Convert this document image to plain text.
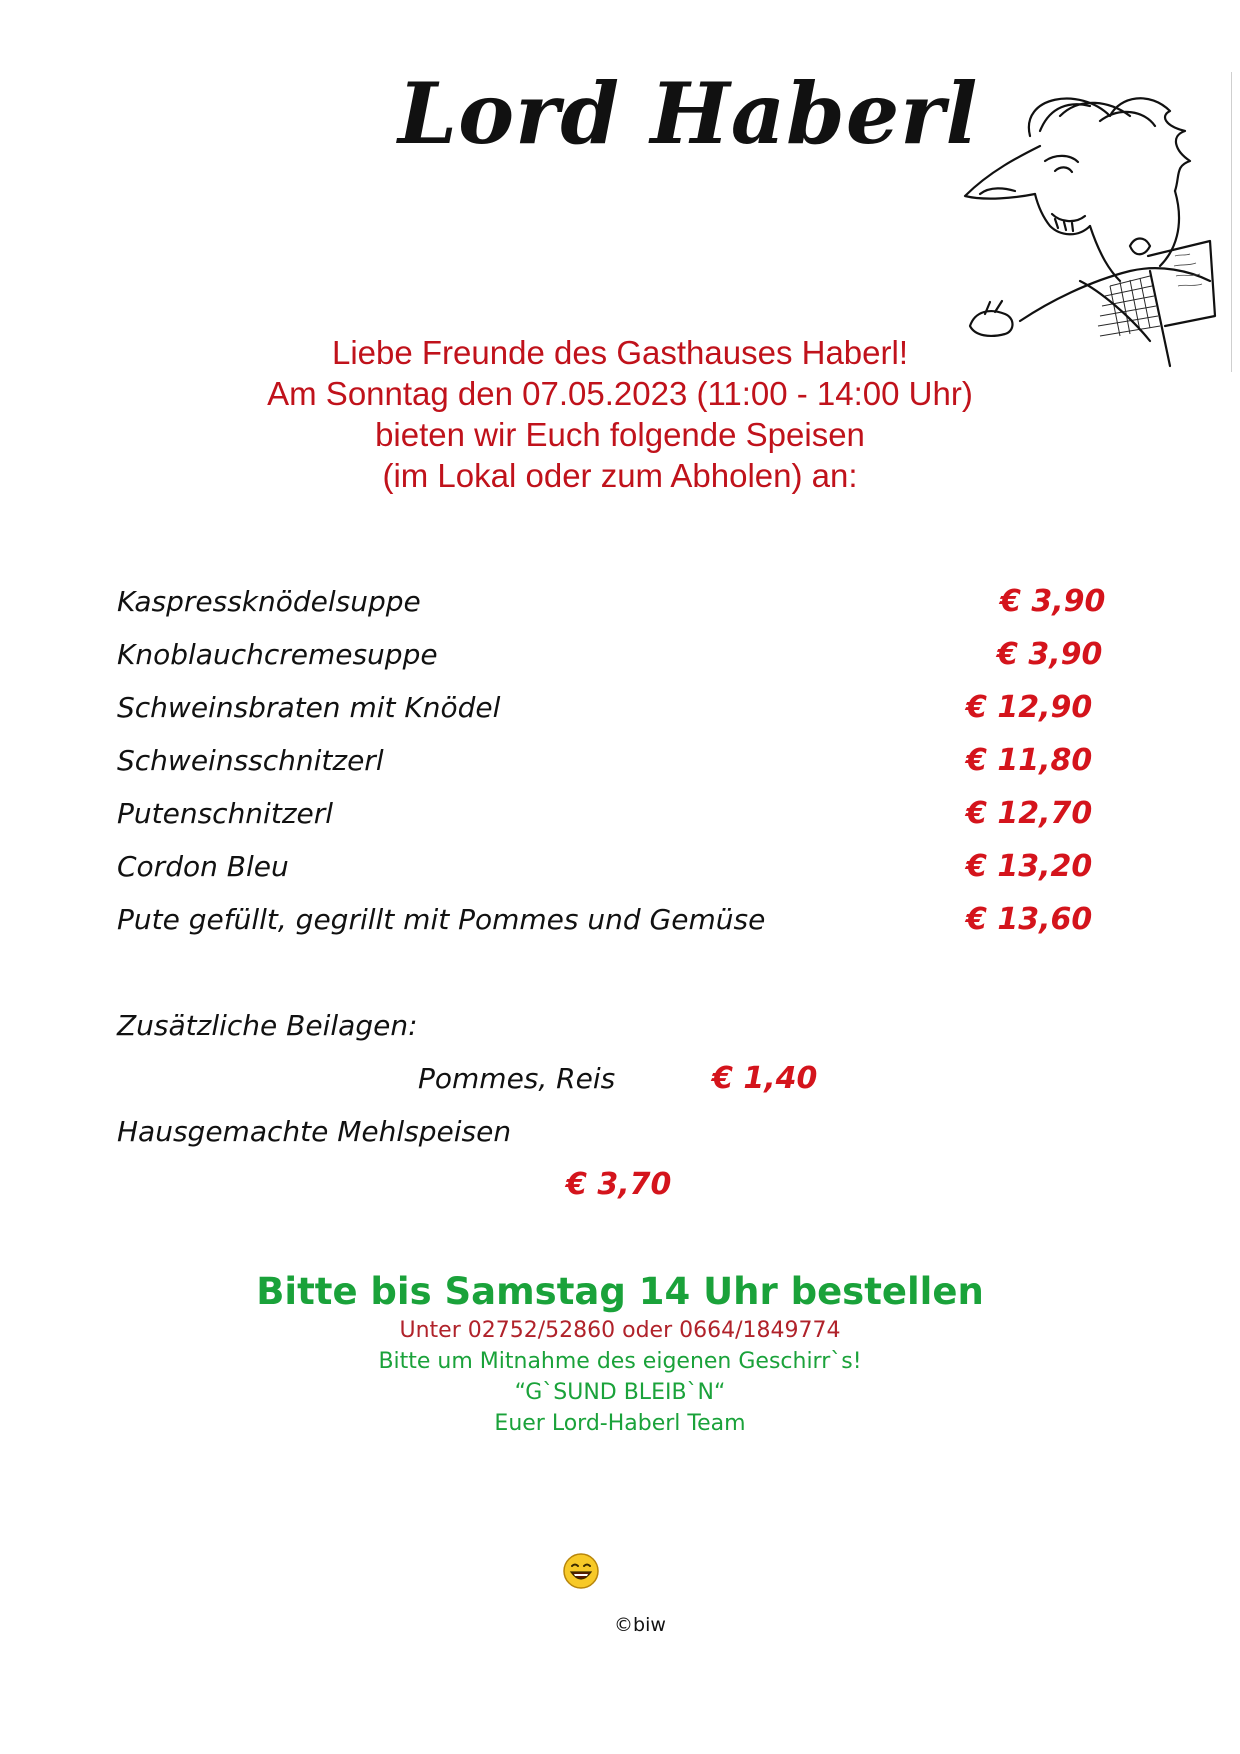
Lord Haberl
Liebe Freunde des Gasthauses Haberl!
Am Sonntag den 07.05.2023 (11:00 - 14:00 Uhr)
bieten wir Euch folgende Speisen
(im Lokal oder zum Abholen) an:
Kaspressknödelsuppe	€ 3,90
Knoblauchcremesuppe	€ 3,90
Schweinsbraten mit Knödel	€ 12,90
Schweinsschnitzerl	€ 11,80
Putenschnitzerl	€ 12,70
Cordon Bleu	€ 13,20
Pute gefüllt, gegrillt mit Pommes und Gemüse	€ 13,60
Zusätzliche Beilagen:
Pommes, Reis	€ 1,40
Hausgemachte Mehlspeisen
€ 3,70
Bitte bis Samstag 14 Uhr bestellen
Unter 02752/52860 oder 0664/1849774
Bitte um Mitnahme des eigenen Geschirr`s!
“G`SUND BLEIB`N“
Euer Lord-Haberl Team
©biw
